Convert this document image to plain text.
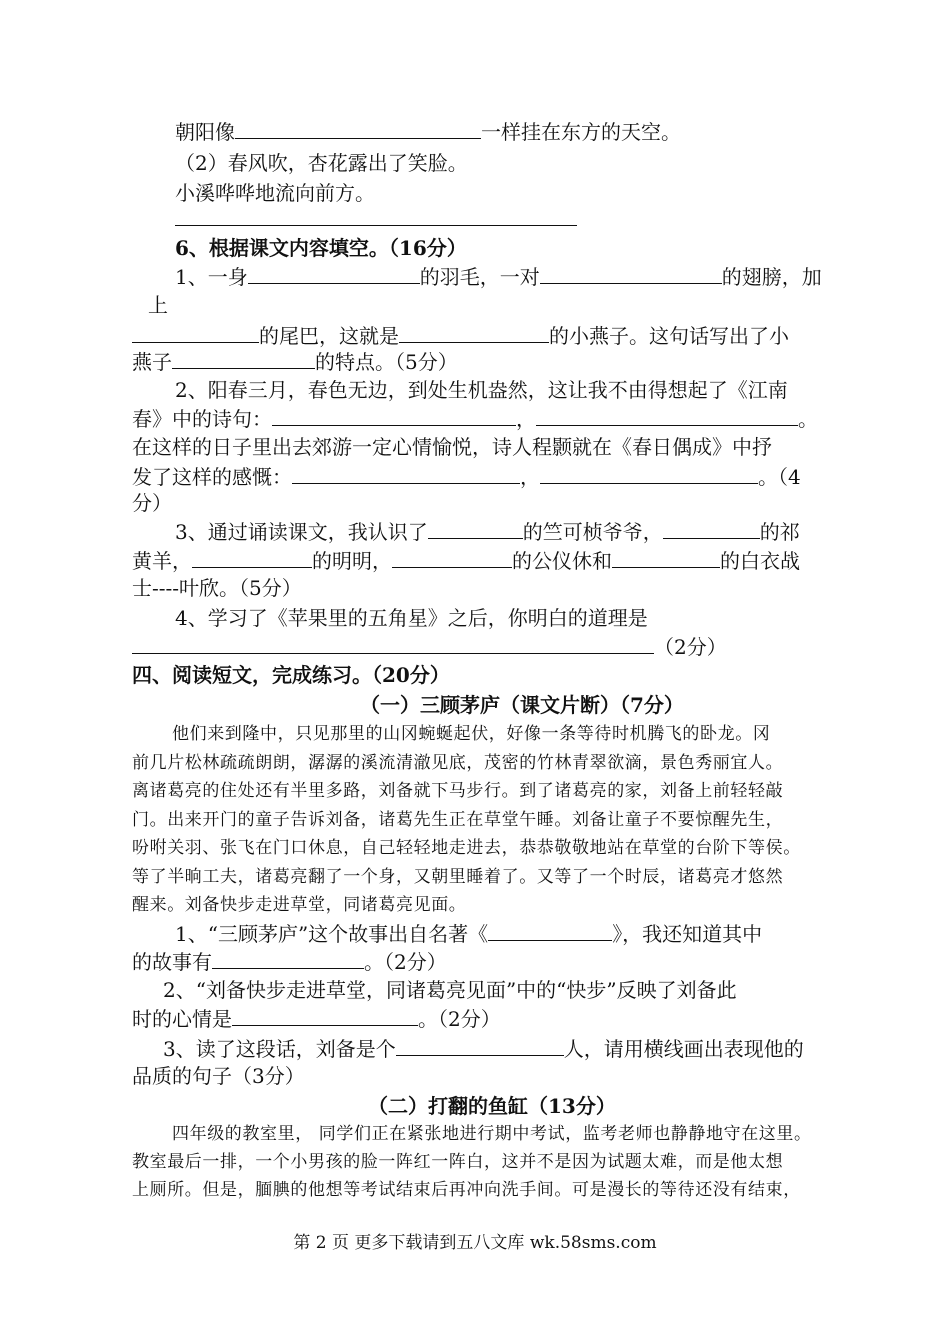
朝阳像	一样挂在东方的天空。
（2）春风吹，杏花露出了笑脸。
小溪哗哗地流向前方。
6、根据课文内容填空。（16分）
1、一身	的羽毛，一对	的翅膀，加
上
的尾巴，这就是	的小燕子。这句话写出了小
燕子	的特点。（5分）
2、阳春三月，春色无边，到处生机盎然，这让我不由得想起了《江南
春》中的诗句：	，	。
在这样的日子里出去郊游一定心情愉悦，诗人程颢就在《春日偶成》中抒
发了这样的感慨：	，	。（4
分）
3、通过诵读课文，我认识了	的竺可桢爷爷，	的祁
黄羊，	的明明，	的公仪休和	的白衣战
士----叶欣。（5分）
4、学习了《苹果里的五角星》之后，你明白的道理是
（2分）
四、阅读短文，完成练习。（20分）
（一）三顾茅庐（课文片断）（7分）
他们来到隆中，只见那里的山冈蜿蜒起伏，好像一条等待时机腾飞的卧龙。冈
前几片松林疏疏朗朗，潺潺的溪流清澈见底，茂密的竹林青翠欲滴，景色秀丽宜人。
离诸葛亮的住处还有半里多路，刘备就下马步行。到了诸葛亮的家，刘备上前轻轻敲
门。出来开门的童子告诉刘备，诸葛先生正在草堂午睡。刘备让童子不要惊醒先生，
吩咐关羽、张飞在门口休息，自己轻轻地走进去，恭恭敬敬地站在草堂的台阶下等侯。
等了半晌工夫，诸葛亮翻了一个身，又朝里睡着了。又等了一个时辰，诸葛亮才悠然
醒来。刘备快步走进草堂，同诸葛亮见面。
1、“三顾茅庐”这个故事出自名著《	》，我还知道其中
的故事有	。（2分）
2、“刘备快步走进草堂，同诸葛亮见面”中的“快步”反映了刘备此
时的心情是	。（2分）
3、读了这段话，刘备是个	人，请用横线画出表现他的
品质的句子（3分）
（二）打翻的鱼缸（13分）
四年级的教室里， 同学们正在紧张地进行期中考试，监考老师也静静地守在这里。
教室最后一排，一个小男孩的脸一阵红一阵白，这并不是因为试题太难，而是他太想
上厕所。但是，腼腆的他想等考试结束后再冲向洗手间。可是漫长的等待还没有结束，
第 2 页 更多下载请到五八文库 wk.58sms.com
